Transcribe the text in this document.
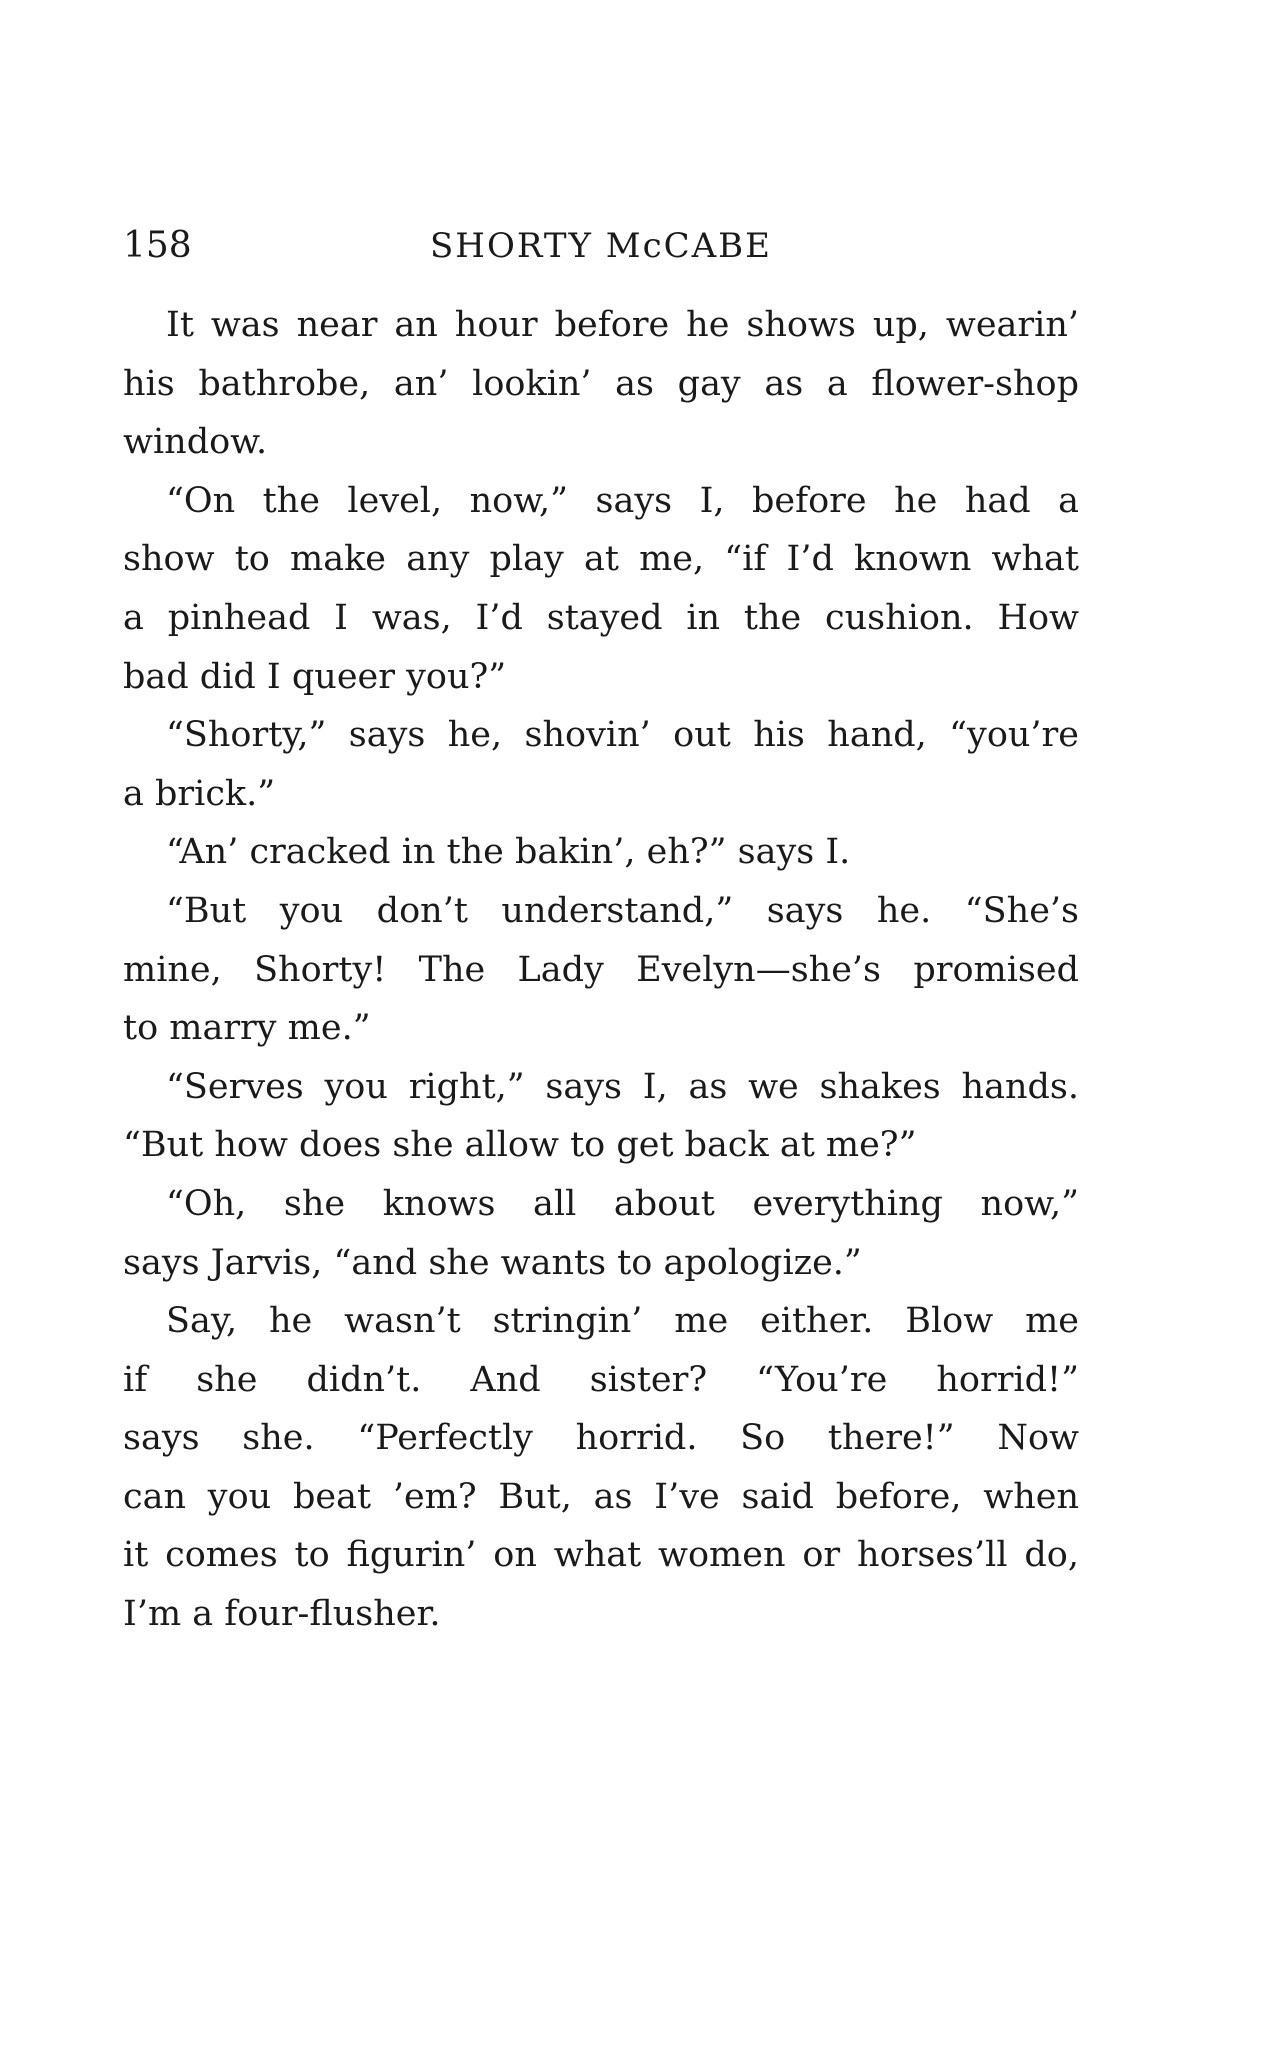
158	SHORTY McCABE
It was near an hour before he shows up, wearin’
his bathrobe, an’ lookin’ as gay as a flower-shop
window.
“On the level, now,” says I, before he had a
show to make any play at me, “if I’d known what
a pinhead I was, I’d stayed in the cushion. How
bad did I queer you?”
“Shorty,” says he, shovin’ out his hand, “you’re
a brick.”
“An’ cracked in the bakin’, eh?” says I.
“But you don’t understand,” says he. “She’s
mine, Shorty! The Lady Evelyn—she’s promised
to marry me.”
“Serves you right,” says I, as we shakes hands.
“But how does she allow to get back at me?”
“Oh, she knows all about everything now,”
says Jarvis, “and she wants to apologize.”
Say, he wasn’t stringin’ me either. Blow me
if she didn’t. And sister? “You’re horrid!”
says she. “Perfectly horrid. So there!” Now
can you beat ’em? But, as I’ve said before, when
it comes to figurin’ on what women or horses’ll do,
I’m a four-flusher.
